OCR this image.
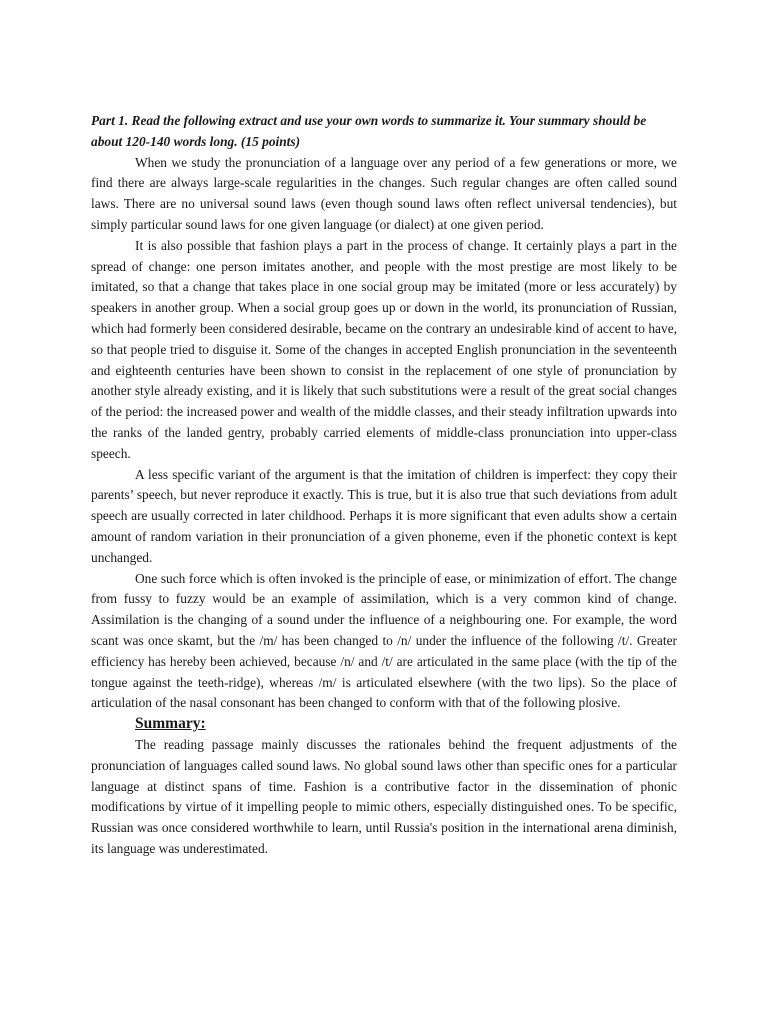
Part 1. Read the following extract and use your own words to summarize it. Your summary should be about 120-140 words long. (15 points)

When we study the pronunciation of a language over any period of a few generations or more, we find there are always large-scale regularities in the changes. Such regular changes are often called sound laws. There are no universal sound laws (even though sound laws often reflect universal tendencies), but simply particular sound laws for one given language (or dialect) at one given period.

It is also possible that fashion plays a part in the process of change. It certainly plays a part in the spread of change: one person imitates another, and people with the most prestige are most likely to be imitated, so that a change that takes place in one social group may be imitated (more or less accurately) by speakers in another group. When a social group goes up or down in the world, its pronunciation of Russian, which had formerly been considered desirable, became on the contrary an undesirable kind of accent to have, so that people tried to disguise it. Some of the changes in accepted English pronunciation in the seventeenth and eighteenth centuries have been shown to consist in the replacement of one style of pronunciation by another style already existing, and it is likely that such substitutions were a result of the great social changes of the period: the increased power and wealth of the middle classes, and their steady infiltration upwards into the ranks of the landed gentry, probably carried elements of middle-class pronunciation into upper-class speech.

A less specific variant of the argument is that the imitation of children is imperfect: they copy their parents’ speech, but never reproduce it exactly. This is true, but it is also true that such deviations from adult speech are usually corrected in later childhood. Perhaps it is more significant that even adults show a certain amount of random variation in their pronunciation of a given phoneme, even if the phonetic context is kept unchanged.

One such force which is often invoked is the principle of ease, or minimization of effort. The change from fussy to fuzzy would be an example of assimilation, which is a very common kind of change. Assimilation is the changing of a sound under the influence of a neighbouring one. For example, the word scant was once skamt, but the /m/ has been changed to /n/ under the influence of the following /t/. Greater efficiency has hereby been achieved, because /n/ and /t/ are articulated in the same place (with the tip of the tongue against the teeth-ridge), whereas /m/ is articulated elsewhere (with the two lips). So the place of articulation of the nasal consonant has been changed to conform with that of the following plosive.

Summary:

The reading passage mainly discusses the rationales behind the frequent adjustments of the pronunciation of languages called sound laws. No global sound laws other than specific ones for a particular language at distinct spans of time. Fashion is a contributive factor in the dissemination of phonic modifications by virtue of it impelling people to mimic others, especially distinguished ones. To be specific, Russian was once considered worthwhile to learn, until Russia's position in the international arena diminish, its language was underestimated.
